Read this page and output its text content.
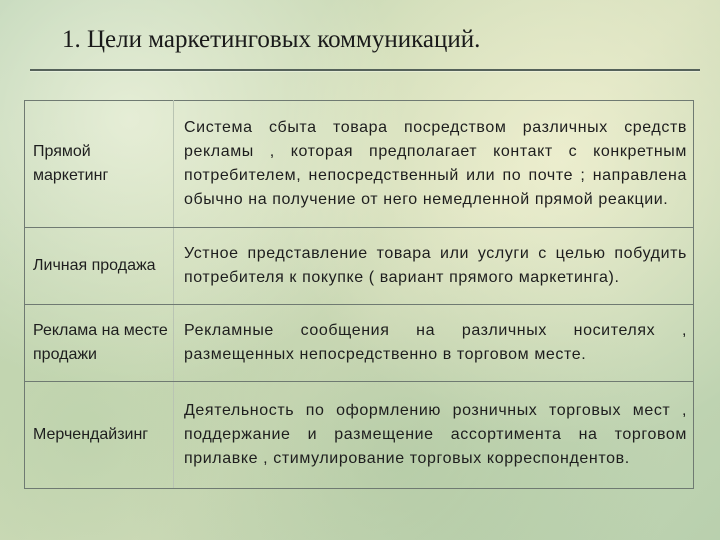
1. Цели маркетинговых коммуникаций.
Прямой маркетинг	Система сбыта товара посредством различных средств рекламы , которая предполагает контакт с конкретным потребителем, непосредственный или по почте ; направлена обычно на получение от него немедленной прямой реакции.
Личная продажа	Устное представление товара или услуги с целью побудить потребителя к покупке ( вариант прямого маркетинга).
Реклама на месте продажи	Рекламные сообщения на различных носителях , размещенных непосредственно в торговом месте.
Мерчендайзинг	Деятельность по оформлению розничных торговых мест , поддержание и размещение ассортимента на торговом прилавке , стимулирование торговых корреспондентов.
